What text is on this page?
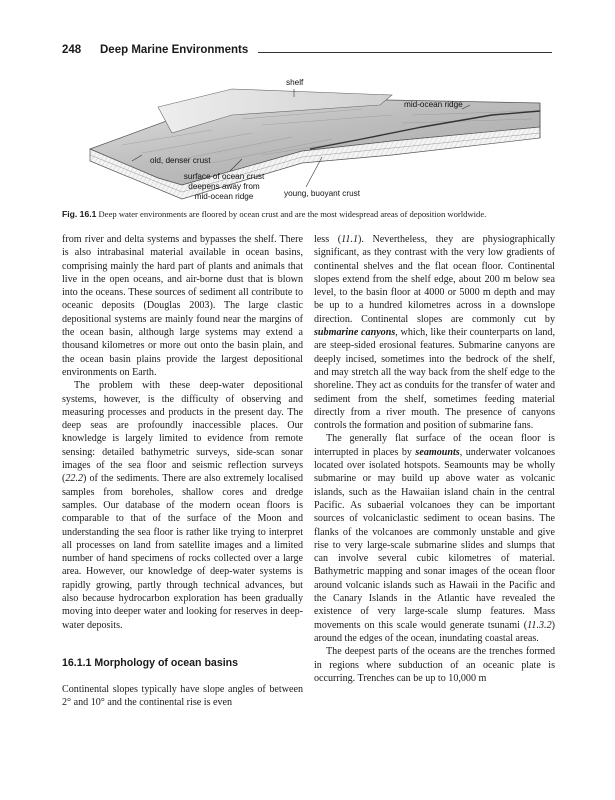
248 Deep Marine Environments
shelf
mid-ocean ridge
old, denser crust
surface of ocean crust
deepens away from
mid-ocean ridge	young, buoyant crust
Fig. 16.1 Deep water environments are floored by ocean crust and are the most widespread areas of deposition worldwide.

from river and delta systems and bypasses the shelf. There is also intrabasinal material available in ocean basins, comprising mainly the hard part of plants and animals that live in the open oceans, and air-borne dust that is blown into the oceans. These sources of sediment all contribute to oceanic deposits (Douglas 2003). The large clastic depositional systems are mainly found near the margins of the ocean basin, although large systems may extend a thousand kilometres or more out onto the basin plain, and the ocean basin plains provide the largest depositional environments on Earth.

The problem with these deep-water depositional systems, however, is the difficulty of observing and measuring processes and products in the present day. The deep seas are profoundly inaccessible places. Our knowledge is largely limited to evidence from remote sensing: detailed bathymetric surveys, side-scan sonar images of the sea floor and seismic reflection surveys (22.2) of the sediments. There are also extremely localised samples from boreholes, shallow cores and dredge samples. Our database of the modern ocean floors is comparable to that of the surface of the Moon and understanding the sea floor is rather like trying to interpret all processes on land from satellite images and a limited number of hand specimens of rocks collected over a large area. However, our knowledge of deep-water systems is rapidly growing, partly through technical advances, but also because hydrocarbon exploration has been gradually moving into deeper water and looking for reserves in deep-water deposits.

16.1.1 Morphology of ocean basins

Continental slopes typically have slope angles of between 2° and 10° and the continental rise is even

less (11.1). Nevertheless, they are physiographically significant, as they contrast with the very low gradients of continental shelves and the flat ocean floor. Continental slopes extend from the shelf edge, about 200 m below sea level, to the basin floor at 4000 or 5000 m depth and may be up to a hundred kilometres across in a downslope direction. Continental slopes are commonly cut by submarine canyons, which, like their counterparts on land, are steep-sided erosional features. Submarine canyons are deeply incised, sometimes into the bedrock of the shelf, and may stretch all the way back from the shelf edge to the shoreline. They act as conduits for the transfer of water and sediment from the shelf, sometimes feeding material directly from a river mouth. The presence of canyons controls the formation and position of submarine fans.

The generally flat surface of the ocean floor is interrupted in places by seamounts, underwater volcanoes located over isolated hotspots. Seamounts may be wholly submarine or may build up above water as volcanic islands, such as the Hawaiian island chain in the central Pacific. As subaerial volcanoes they can be important sources of volcaniclastic sediment to ocean basins. The flanks of the volcanoes are commonly unstable and give rise to very large-scale submarine slides and slumps that can involve several cubic kilometres of material. Bathymetric mapping and sonar images of the ocean floor around volcanic islands such as Hawaii in the Pacific and the Canary Islands in the Atlantic have revealed the existence of very large-scale slump features. Mass movements on this scale would generate tsunami (11.3.2) around the edges of the ocean, inundating coastal areas.

The deepest parts of the oceans are the trenches formed in regions where subduction of an oceanic plate is occurring. Trenches can be up to 10,000 m
